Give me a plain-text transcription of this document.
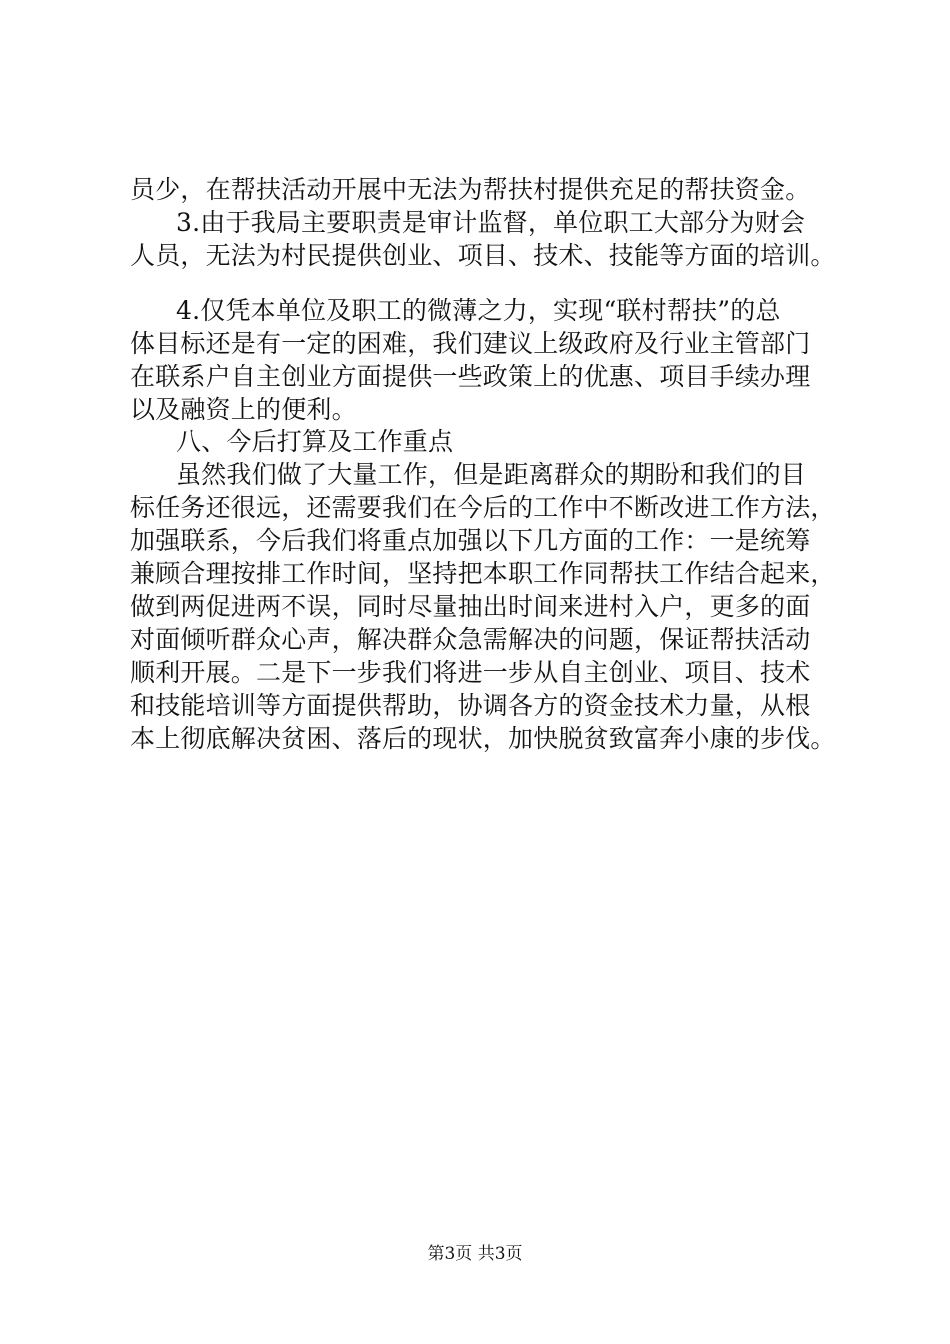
员少，在帮扶活动开展中无法为帮扶村提供充足的帮扶资金。
3.由于我局主要职责是审计监督，单位职工大部分为财会
人员，无法为村民提供创业、项目、技术、技能等方面的培训。
4.仅凭本单位及职工的微薄之力，实现“联村帮扶”的总
体目标还是有一定的困难，我们建议上级政府及行业主管部门
在联系户自主创业方面提供一些政策上的优惠、项目手续办理
以及融资上的便利。
八、今后打算及工作重点
虽然我们做了大量工作，但是距离群众的期盼和我们的目
标任务还很远，还需要我们在今后的工作中不断改进工作方法，
加强联系，今后我们将重点加强以下几方面的工作：一是统筹
兼顾合理按排工作时间，坚持把本职工作同帮扶工作结合起来，
做到两促进两不误，同时尽量抽出时间来进村入户，更多的面
对面倾听群众心声，解决群众急需解决的问题，保证帮扶活动
顺利开展。二是下一步我们将进一步从自主创业、项目、技术
和技能培训等方面提供帮助，协调各方的资金技术力量，从根
本上彻底解决贫困、落后的现状，加快脱贫致富奔小康的步伐。
第3页 共3页
